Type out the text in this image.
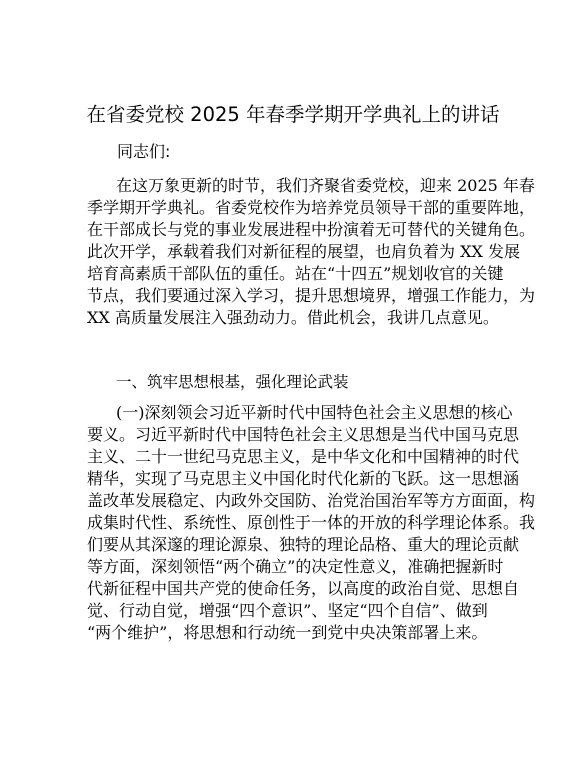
在省委党校 2025 年春季学期开学典礼上的讲话
同志们:
在这万象更新的时节，我们齐聚省委党校，迎来 2025 年春
季学期开学典礼。省委党校作为培养党员领导干部的重要阵地，
在干部成长与党的事业发展进程中扮演着无可替代的关键角色。
此次开学，承载着我们对新征程的展望，也肩负着为 XX 发展
培育高素质干部队伍的重任。站在“十四五”规划收官的关键
节点，我们要通过深入学习，提升思想境界，增强工作能力，为
XX 高质量发展注入强劲动力。借此机会，我讲几点意见。
一、筑牢思想根基，强化理论武装
(一)深刻领会习近平新时代中国特色社会主义思想的核心
要义。习近平新时代中国特色社会主义思想是当代中国马克思
主义、二十一世纪马克思主义，是中华文化和中国精神的时代
精华，实现了马克思主义中国化时代化新的飞跃。这一思想涵
盖改革发展稳定、内政外交国防、治党治国治军等方方面面，构
成集时代性、系统性、原创性于一体的开放的科学理论体系。我
们要从其深邃的理论源泉、独特的理论品格、重大的理论贡献
等方面，深刻领悟“两个确立”的决定性意义，准确把握新时
代新征程中国共产党的使命任务，以高度的政治自觉、思想自
觉、行动自觉，增强“四个意识”、坚定“四个自信”、做到
“两个维护”，将思想和行动统一到党中央决策部署上来。
